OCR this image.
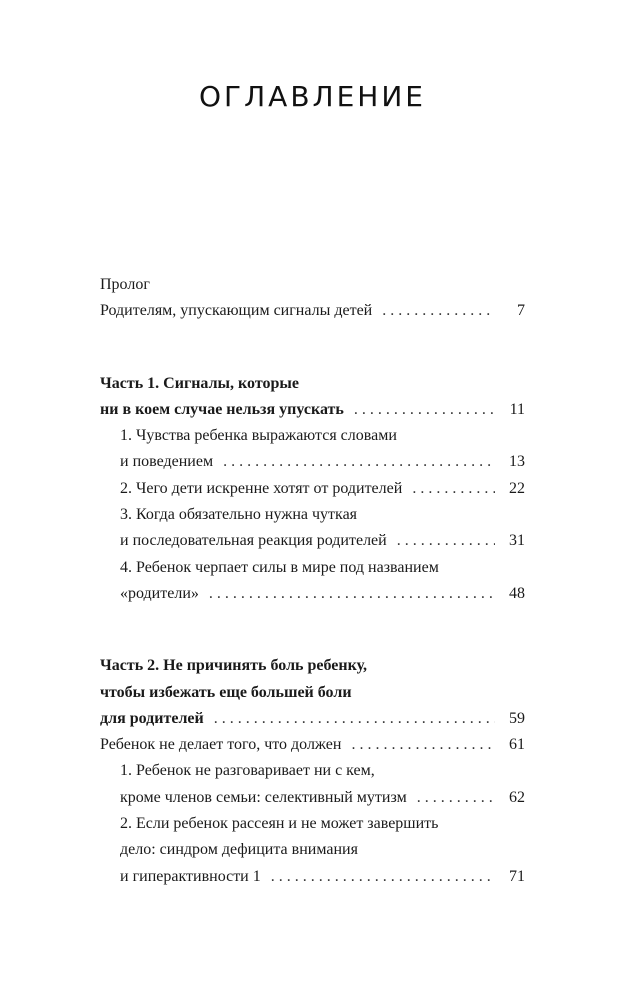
ОГЛАВЛЕНИЕ
Пролог
Родителям, упускающим сигналы детей . . .	7
Часть 1. Сигналы, которые
ни в коем случае нельзя упускать . . .	11
1. Чувства ребенка выражаются словами
и поведением . . .	13
2. Чего дети искренне хотят от родителей . . .	22
3. Когда обязательно нужна чуткая
и последовательная реакция родителей . . .	31
4. Ребенок черпает силы в мире под названием
«родители» . . .	48
Часть 2. Не причинять боль ребенку,
чтобы избежать еще большей боли
для родителей . . .	59
Ребенок не делает того, что должен . . .	61
1. Ребенок не разговаривает ни с кем,
кроме членов семьи: селективный мутизм . . .	62
2. Если ребенок рассеян и не может завершить
дело: синдром дефицита внимания
и гиперактивности 1 . . .	71
